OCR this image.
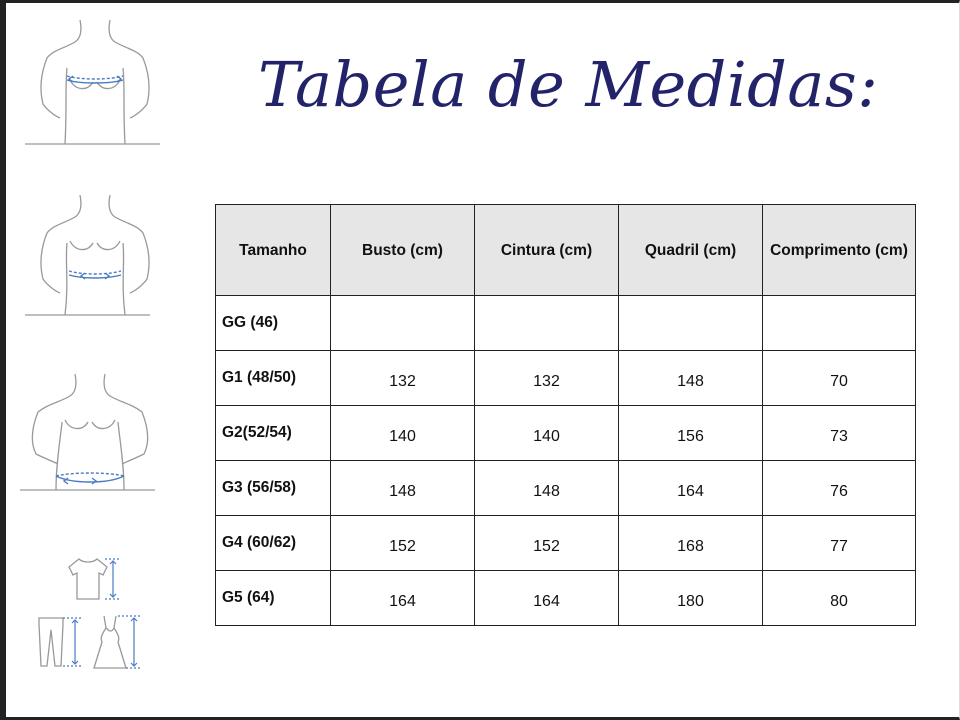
Tabela de Medidas:
Tamanho	Busto (cm)	Cintura (cm)	Quadril (cm)	Comprimento (cm)
GG (46)				
G1 (48/50)	132	132	148	70
G2(52/54)	140	140	156	73
G3 (56/58)	148	148	164	76
G4 (60/62)	152	152	168	77
G5 (64)	164	164	180	80
